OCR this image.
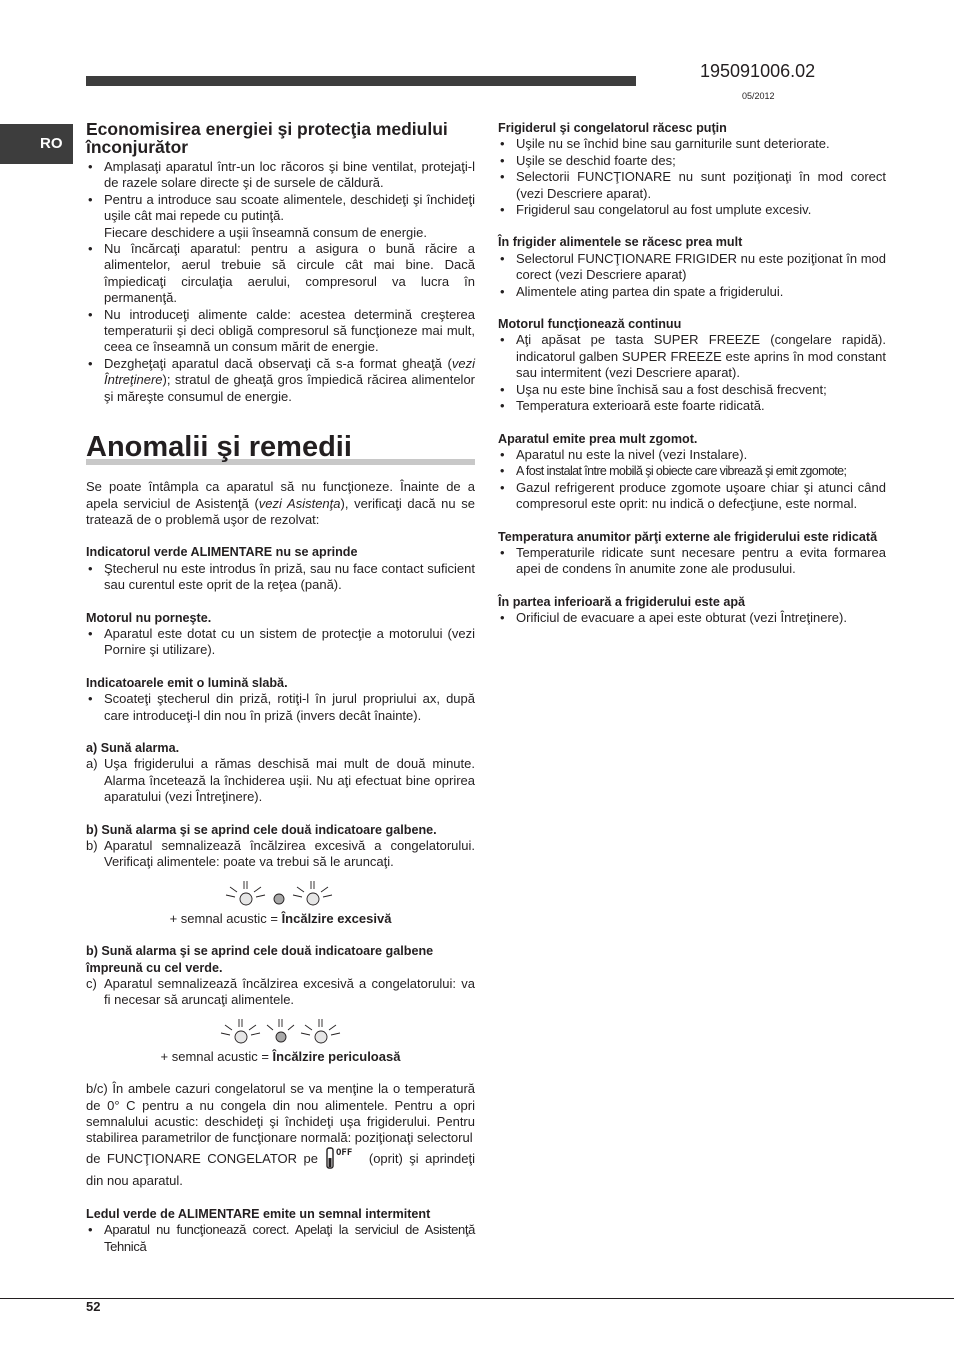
195091006.02
05/2012
RO
Economisirea energiei şi protecţia mediului înconjurător
• Amplasaţi aparatul într-un loc răcoros şi bine ventilat, protejaţi-l de razele solare directe şi de sursele de căldură.
• Pentru a introduce sau scoate alimentele, deschideţi şi închideţi uşile cât mai repede cu putinţă.
Fiecare deschidere a uşii înseamnă consum de energie.
• Nu încărcaţi aparatul: pentru a asigura o bună răcire a alimentelor, aerul trebuie să circule cât mai bine. Dacă împiedicaţi circulaţia aerului, compresorul va lucra în permanenţă.
• Nu introduceţi alimente calde: acestea determină creşterea temperaturii şi deci obligă compresorul să funcţioneze mai mult, ceea ce înseamnă un consum mărit de energie.
• Dezgheţaţi aparatul dacă observaţi că s-a format gheaţă (vezi Întreţinere); stratul de gheaţă gros împiedică răcirea alimentelor şi măreşte consumul de energie.
Anomalii şi remedii

Se poate întâmpla ca aparatul să nu funcţioneze. Înainte de a apela serviciul de Asistenţă (vezi Asistenţa), verificaţi dacă nu se tratează de o problemă uşor de rezolvat:

Indicatorul verde ALIMENTARE nu se aprinde
• Ştecherul nu este introdus în priză, sau nu face contact suficient sau curentul este oprit de la reţea (pană).
Motorul nu porneşte.
• Aparatul este dotat cu un sistem de protecţie a motorului (vezi Pornire şi utilizare).
Indicatoarele emit o lumină slabă.
• Scoateţi ştecherul din priză, rotiţi-l în jurul propriului ax, după care introduceţi-l din nou în priză (invers decât înainte).
a) Sună alarma.
a) Uşa frigiderului a rămas deschisă mai mult de două minute. Alarma încetează la închiderea uşii. Nu aţi efectuat bine oprirea aparatului (vezi Întreţinere).
b) Sună alarma şi se aprind cele două indicatoare galbene.
b) Aparatul semnalizează încălzirea excesivă a congelatorului. Verificaţi alimentele: poate va trebui să le aruncaţi.
+ semnal acustic = Încălzire excesivă
b) Sună alarma şi se aprind cele două indicatoare galbene împreună cu cel verde.
c) Aparatul semnalizează încălzirea excesivă a congelatorului: va fi necesar să aruncaţi alimentele.
+ semnal acustic = Încălzire periculoasă

b/c) În ambele cazuri congelatorul se va menţine la o temperatură de 0° C pentru a nu congela din nou alimentele. Pentru a opri semnalului acustic: deschideţi şi închideţi uşa frigiderului. Pentru stabilirea parametrilor de funcţionare normală: poziţionaţi selectorul
de FUNCŢIONARE CONGELATOR pe OFF (oprit) şi aprindeţi din nou aparatul.

Ledul verde de ALIMENTARE emite un semnal intermitent
• Aparatul nu funcţionează corect. Apelaţi la serviciul de Asistenţă Tehnică
Frigiderul şi congelatorul răcesc puţin
• Uşile nu se închid bine sau garniturile sunt deteriorate.
• Uşile se deschid foarte des;
• Selectorii FUNCŢIONARE nu sunt poziţionaţi în mod corect (vezi Descriere aparat).
• Frigiderul sau congelatorul au fost umplute excesiv.
În frigider alimentele se răcesc prea mult
• Selectorul FUNCŢIONARE FRIGIDER nu este poziţionat în mod corect (vezi Descriere aparat)
• Alimentele ating partea din spate a frigiderului.
Motorul funcţionează continuu
• Aţi apăsat pe tasta SUPER FREEZE (congelare rapidă). indicatorul galben SUPER FREEZE este aprins în mod constant sau intermitent (vezi Descriere aparat).
• Uşa nu este bine închisă sau a fost deschisă frecvent;
• Temperatura exterioară este foarte ridicată.
Aparatul emite prea mult zgomot.
• Aparatul nu este la nivel (vezi Instalare).
• A fost instalat între mobilă şi obiecte care vibrează şi emit zgomote;
• Gazul refrigerent produce zgomote uşoare chiar şi atunci când compresorul este oprit: nu indică o defecţiune, este normal.
Temperatura anumitor părţi externe ale frigiderului este ridicată
• Temperaturile ridicate sunt necesare pentru a evita formarea apei de condens în anumite zone ale produsului.
În partea inferioară a frigiderului este apă
• Orificiul de evacuare a apei este obturat (vezi Întreţinere).
52
